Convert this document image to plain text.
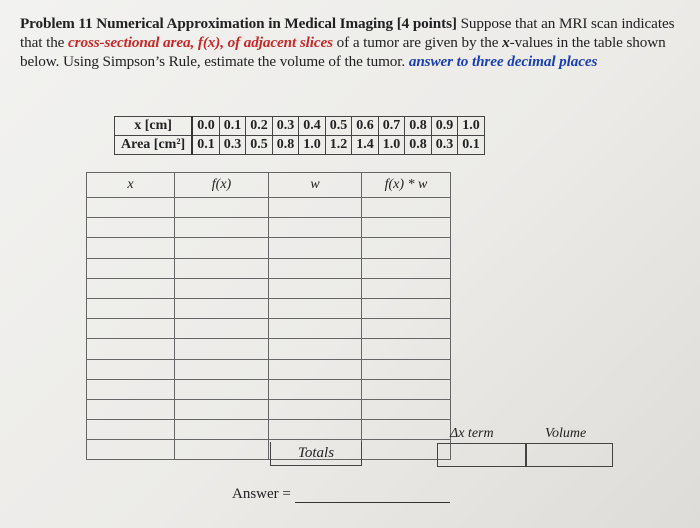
Problem 11 Numerical Approximation in Medical Imaging [4 points] Suppose that an MRI scan indicates that the cross-sectional area, f(x), of adjacent slices of a tumor are given by the x-values in the table shown below. Using Simpson’s Rule, estimate the volume of the tumor. answer to three decimal places
x [cm]	0.0	0.1	0.2	0.3	0.4	0.5	0.6	0.7	0.8	0.9	1.0
Area [cm²]	0.1	0.3	0.5	0.8	1.0	1.2	1.4	1.0	0.8	0.3	0.1
x	f(x)	w	f(x) * w

Totals
Δx term	Volume
Answer =
